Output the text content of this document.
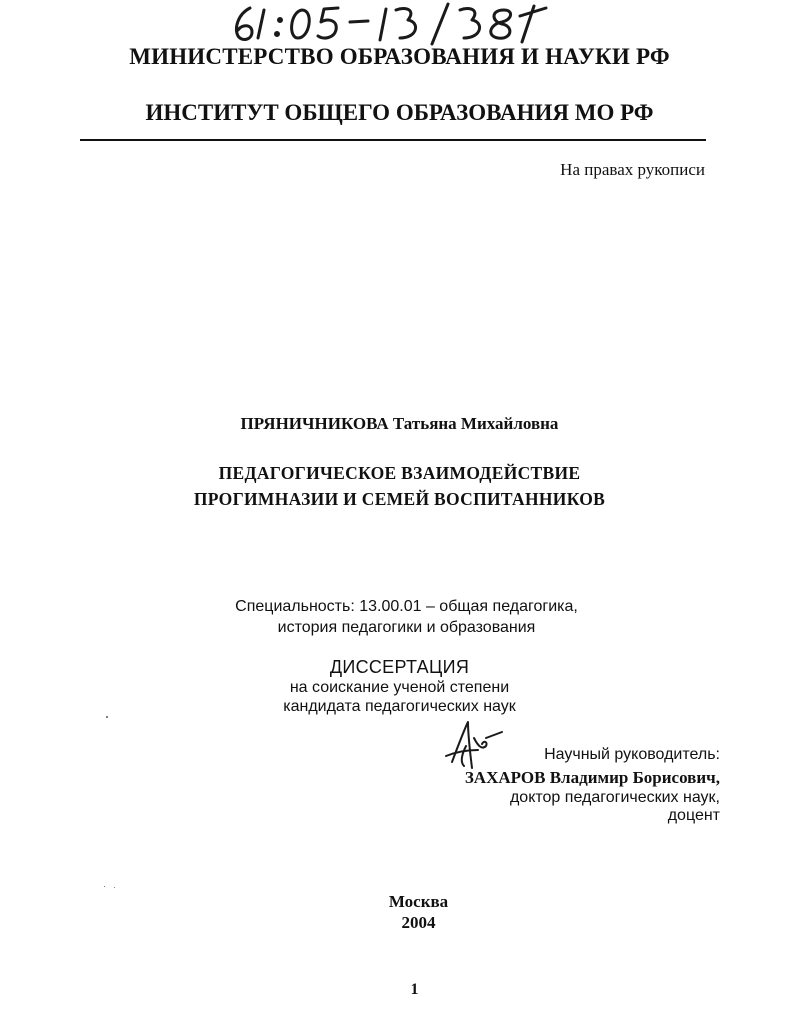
МИНИСТЕРСТВО ОБРАЗОВАНИЯ И НАУКИ РФ
ИНСТИТУТ ОБЩЕГО ОБРАЗОВАНИЯ МО РФ
На правах рукописи
ПРЯНИЧНИКОВА Татьяна Михайловна
ПЕДАГОГИЧЕСКОЕ ВЗАИМОДЕЙСТВИЕ
ПРОГИМНАЗИИ И СЕМЕЙ ВОСПИТАННИКОВ
Специальность: 13.00.01 – общая педагогика,
история педагогики и образования
ДИССЕРТАЦИЯ
на соискание ученой степени
кандидата педагогических наук
Научный руководитель:
ЗАХАРОВ Владимир Борисович,
доктор педагогических наук,
доцент
Москва
2004
1
